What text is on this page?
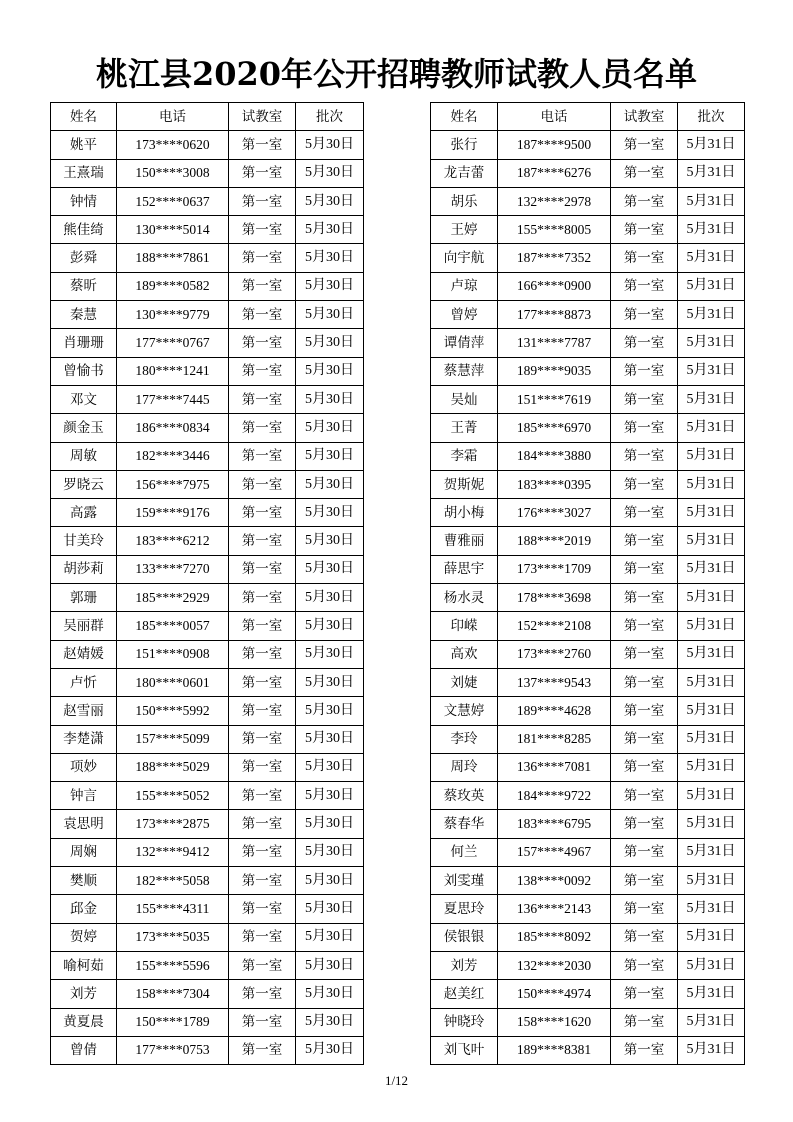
桃江县2020年公开招聘教师试教人员名单
姓名	电话	试教室	批次
姚平	173****0620	第一室	5月30日
王熹瑞	150****3008	第一室	5月30日
钟情	152****0637	第一室	5月30日
熊佳绮	130****5014	第一室	5月30日
彭舜	188****7861	第一室	5月30日
蔡昕	189****0582	第一室	5月30日
秦慧	130****9779	第一室	5月30日
肖珊珊	177****0767	第一室	5月30日
曾愉书	180****1241	第一室	5月30日
邓文	177****7445	第一室	5月30日
颜金玉	186****0834	第一室	5月30日
周敏	182****3446	第一室	5月30日
罗晓云	156****7975	第一室	5月30日
高露	159****9176	第一室	5月30日
甘美玲	183****6212	第一室	5月30日
胡莎莉	133****7270	第一室	5月30日
郭珊	185****2929	第一室	5月30日
吴丽群	185****0057	第一室	5月30日
赵婧媛	151****0908	第一室	5月30日
卢忻	180****0601	第一室	5月30日
赵雪丽	150****5992	第一室	5月30日
李楚潇	157****5099	第一室	5月30日
项妙	188****5029	第一室	5月30日
钟言	155****5052	第一室	5月30日
袁思明	173****2875	第一室	5月30日
周娴	132****9412	第一室	5月30日
樊顺	182****5058	第一室	5月30日
邱金	155****4311	第一室	5月30日
贺婷	173****5035	第一室	5月30日
喻柯茹	155****5596	第一室	5月30日
刘芳	158****7304	第一室	5月30日
黄夏晨	150****1789	第一室	5月30日
曾倩	177****0753	第一室	5月30日
姓名	电话	试教室	批次
张行	187****9500	第一室	5月31日
龙吉蕾	187****6276	第一室	5月31日
胡乐	132****2978	第一室	5月31日
王婷	155****8005	第一室	5月31日
向宇航	187****7352	第一室	5月31日
卢琼	166****0900	第一室	5月31日
曾婷	177****8873	第一室	5月31日
谭倩萍	131****7787	第一室	5月31日
蔡慧萍	189****9035	第一室	5月31日
吴灿	151****7619	第一室	5月31日
王菁	185****6970	第一室	5月31日
李霜	184****3880	第一室	5月31日
贺斯妮	183****0395	第一室	5月31日
胡小梅	176****3027	第一室	5月31日
曹雅丽	188****2019	第一室	5月31日
薛思宇	173****1709	第一室	5月31日
杨水灵	178****3698	第一室	5月31日
印嵘	152****2108	第一室	5月31日
高欢	173****2760	第一室	5月31日
刘婕	137****9543	第一室	5月31日
文慧婷	189****4628	第一室	5月31日
李玲	181****8285	第一室	5月31日
周玲	136****7081	第一室	5月31日
蔡玫英	184****9722	第一室	5月31日
蔡春华	183****6795	第一室	5月31日
何兰	157****4967	第一室	5月31日
刘雯瑾	138****0092	第一室	5月31日
夏思玲	136****2143	第一室	5月31日
侯银银	185****8092	第一室	5月31日
刘芳	132****2030	第一室	5月31日
赵美红	150****4974	第一室	5月31日
钟晓玲	158****1620	第一室	5月31日
刘飞叶	189****8381	第一室	5月31日
1/12
